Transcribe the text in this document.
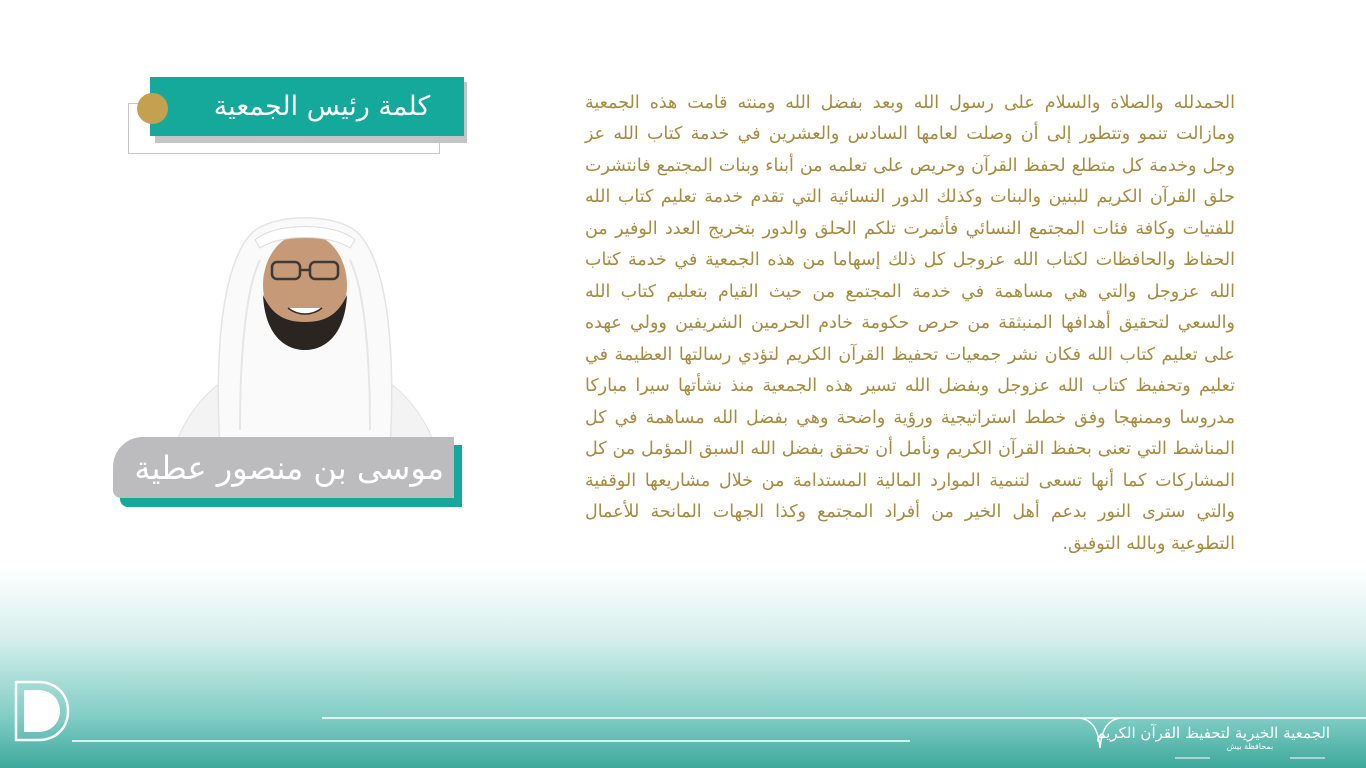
كلمة رئيس الجمعية
موسى بن منصور عطية

الحمدلله والصلاة والسلام على رسول الله وبعد بفضل الله ومنته قامت هذه الجمعية ومازالت تنمو وتتطور إلى أن وصلت لعامها السادس والعشرين في خدمة كتاب الله عز وجل وخدمة كل متطلع لحفظ القرآن وحريص على تعلمه من أبناء وبنات المجتمع فانتشرت حلق القرآن الكريم للبنين والبنات وكذلك الدور النسائية التي تقدم خدمة تعليم كتاب الله للفتيات وكافة فئات المجتمع النسائي فأثمرت تلكم الحلق والدور بتخريج العدد الوفير من الحفاظ والحافظات لكتاب الله عزوجل كل ذلك إسهاما من هذه الجمعية في خدمة كتاب الله عزوجل والتي هي مساهمة في خدمة المجتمع من حيث القيام بتعليم كتاب الله والسعي لتحقيق أهدافها المنبثقة من حرص حكومة خادم الحرمين الشريفين وولي عهده على تعليم كتاب الله فكان نشر جمعيات تحفيظ القرآن الكريم لتؤدي رسالتها العظيمة في تعليم وتحفيظ كتاب الله عزوجل وبفضل الله تسير هذه الجمعية منذ نشأتها سيرا مباركا مدروسا وممنهجا وفق خطط استراتيجية ورؤية واضحة وهي بفضل الله مساهمة في كل المناشط التي تعنى بحفظ القرآن الكريم ونأمل أن تحقق بفضل الله السبق المؤمل من كل المشاركات كما أنها تسعى لتنمية الموارد المالية المستدامة من خلال مشاريعها الوقفية والتي سترى النور بدعم أهل الخير من أفراد المجتمع وكذا الجهات المانحة للأعمال التطوعية وبالله التوفيق.

الجمعية الخيرية لتحفيظ القرآن الكريم
بمحافظة بيش
